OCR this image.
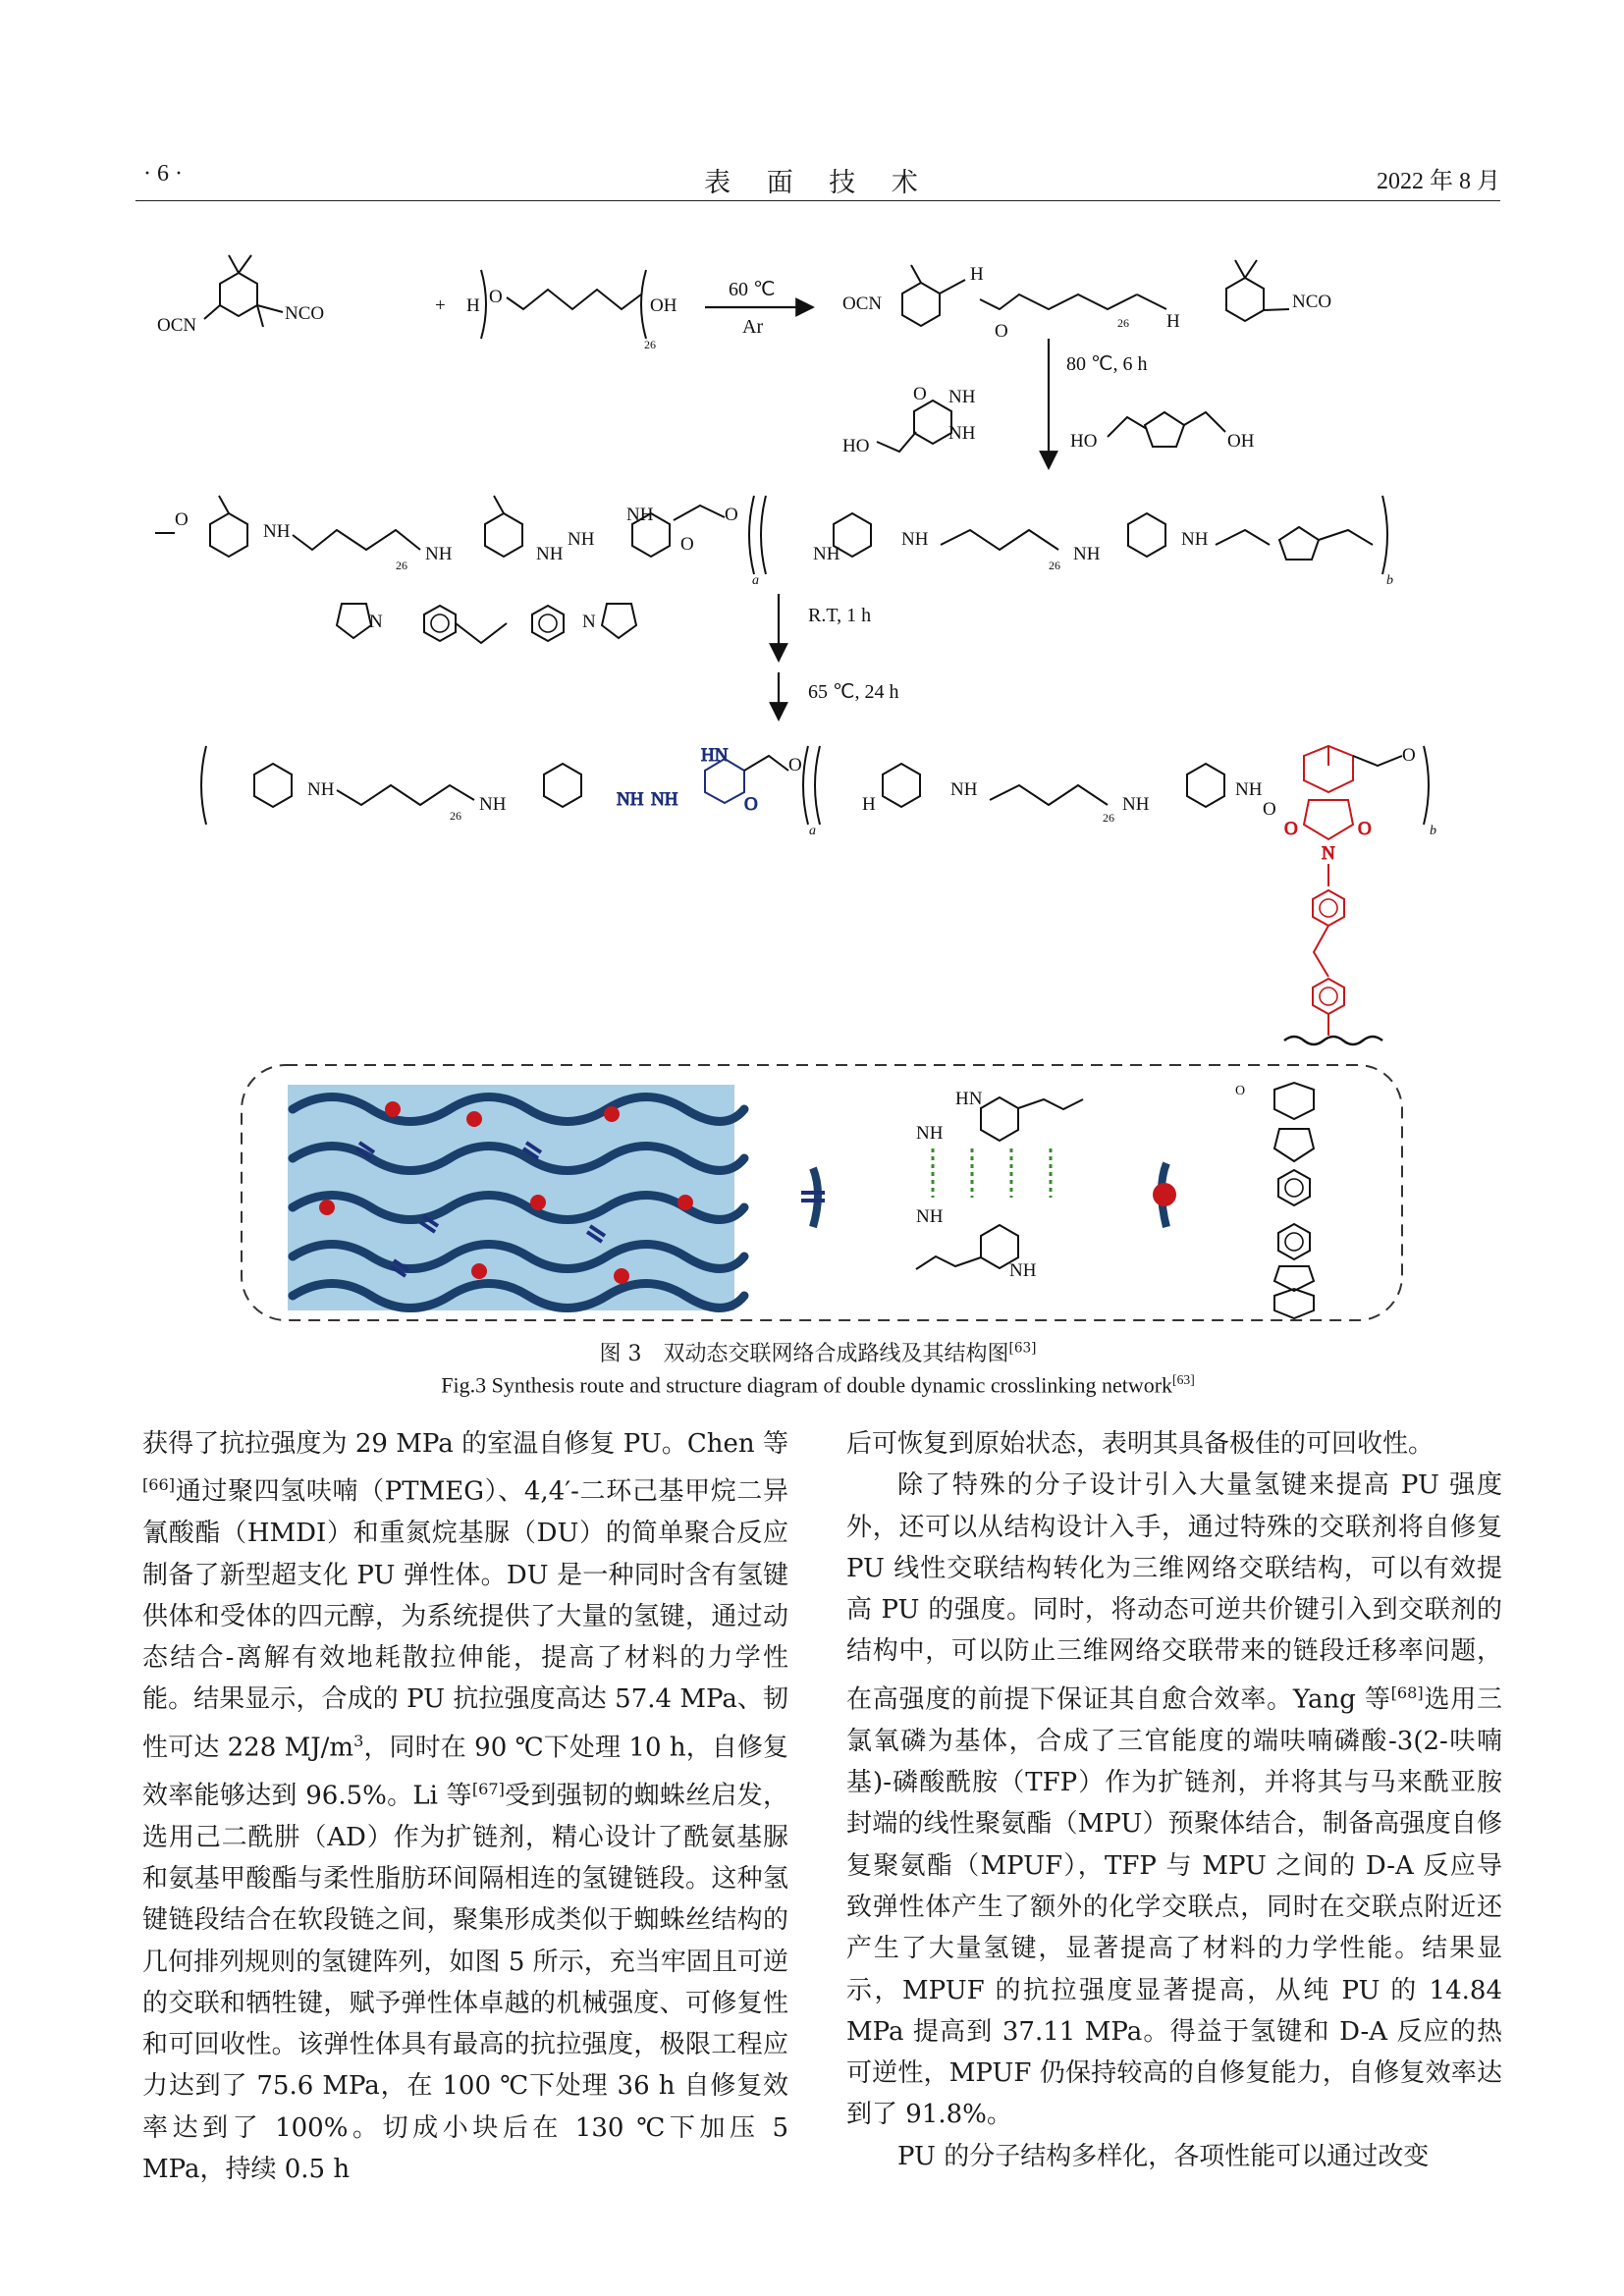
· 6 ·	表 面 技 术	2022 年 8 月
OCN
NCO	+ H O	OH
26
60 ℃
Ar
OCN
H
O	26 H
NCO
80 ℃, 6 h
O NH
NH
HO	HO	OH
O
NH
26
NH	NH
NH
NH
O
O
a
NH
NH
26
NH
NH
b
N	N	R.T, 1 h
65 ℃, 24 h
NH
26
NH	NH NH
HN
O
O
a
H
NH
26
NH
NH
O
O	O
N
O
b
HN
NH
NH
NH
O
图 3　双动态交联网络合成路线及其结构图[63]
Fig.3 Synthesis route and structure diagram of double dynamic crosslinking network[63]

获得了抗拉强度为 29 MPa 的室温自修复 PU。Chen 等[66]通过聚四氢呋喃（PTMEG）、4,4′-二环己基甲烷二异氰酸酯（HMDI）和重氮烷基脲（DU）的简单聚合反应制备了新型超支化 PU 弹性体。DU 是一种同时含有氢键供体和受体的四元醇，为系统提供了大量的氢键，通过动态结合-离解有效地耗散拉伸能，提高了材料的力学性能。结果显示，合成的 PU 抗拉强度高达 57.4 MPa、韧性可达 228 $MJ/m^3$，同时在 90 ℃下处理 10 h，自修复效率能够达到 96.5%。Li 等[67]受到强韧的蜘蛛丝启发，选用己二酰肼（AD）作为扩链剂，精心设计了酰氨基脲和氨基甲酸酯与柔性脂肪环间隔相连的氢键链段。这种氢键链段结合在软段链之间，聚集形成类似于蜘蛛丝结构的几何排列规则的氢键阵列，如图 5 所示，充当牢固且可逆的交联和牺牲键，赋予弹性体卓越的机械强度、可修复性和可回收性。该弹性体具有最高的抗拉强度，极限工程应力达到了 75.6 MPa，在 100 ℃下处理 36 h 自修复效率达到了 100%。切成小块后在 130 ℃下加压 5 MPa，持续 0.5 h

后可恢复到原始状态，表明其具备极佳的可回收性。

除了特殊的分子设计引入大量氢键来提高 PU 强度外，还可以从结构设计入手，通过特殊的交联剂将自修复 PU 线性交联结构转化为三维网络交联结构，可以有效提高 PU 的强度。同时，将动态可逆共价键引入到交联剂的结构中，可以防止三维网络交联带来的链段迁移率问题，在高强度的前提下保证其自愈合效率。Yang 等[68]选用三氯氧磷为基体，合成了三官能度的端呋喃磷酸-3(2-呋喃基)-磷酸酰胺（TFP）作为扩链剂，并将其与马来酰亚胺封端的线性聚氨酯（MPU）预聚体结合，制备高强度自修复聚氨酯（MPUF），TFP 与 MPU 之间的 D-A 反应导致弹性体产生了额外的化学交联点，同时在交联点附近还产生了大量氢键，显著提高了材料的力学性能。结果显示，MPUF 的抗拉强度显著提高，从纯 PU 的 14.84 MPa 提高到 37.11 MPa。得益于氢键和 D-A 反应的热可逆性，MPUF 仍保持较高的自修复能力，自修复效率达到了 91.8%。

PU 的分子结构多样化，各项性能可以通过改变
